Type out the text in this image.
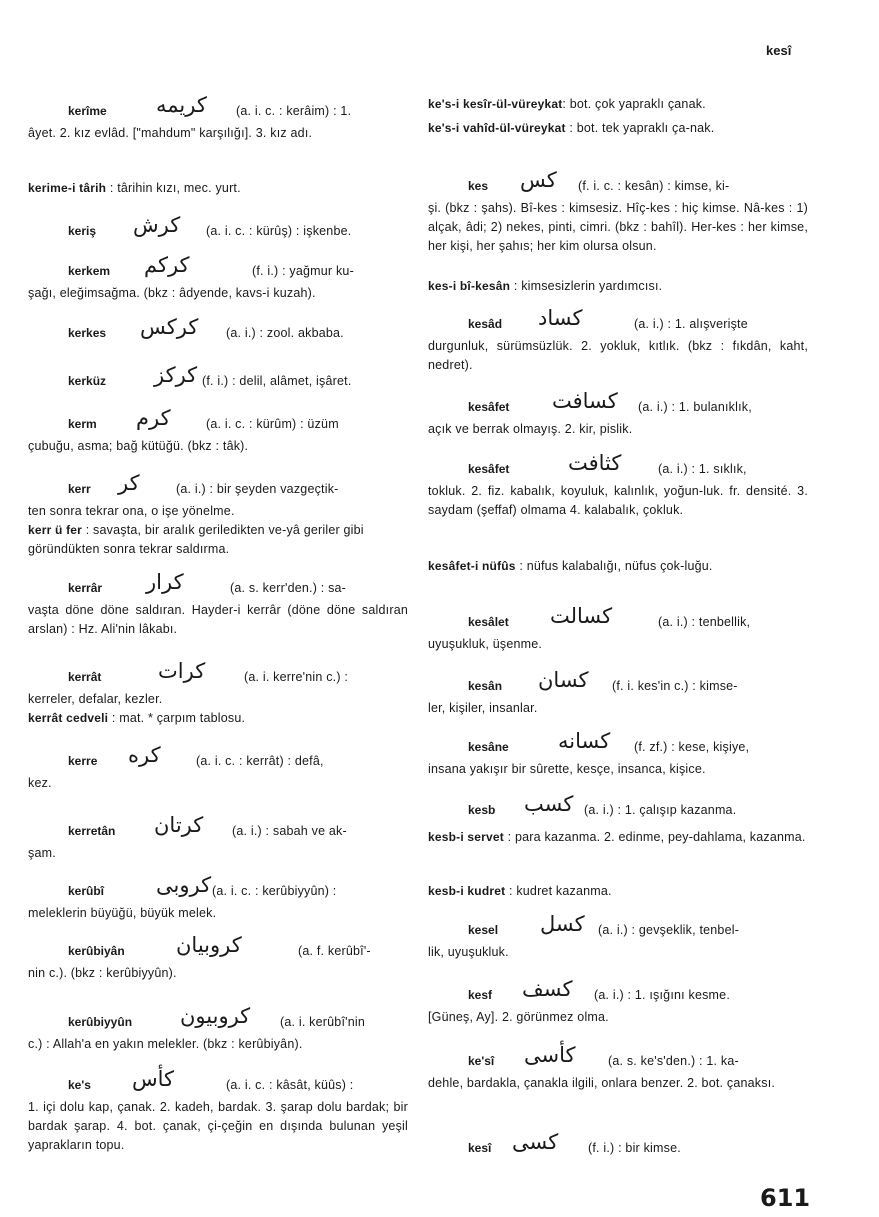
kesî
kerîme كريمه (a. i. c. : kerâim) : 1.
âyet. 2. kız evlâd. ["mahdum" karşılığı]. 3. kız adı.
kerime-i târih : târihin kızı, mec. yurt.
keriş كرش (a. i. c. : kürûş) : işkenbe.
kerkem كركم	(f. i.) : yağmur ku-
şağı, eleğimsağma. (bkz : âdyende, kavs-i kuzah).
kerkes كركس (a. i.) : zool. akbaba.
kerküz كركز (f. i.) : delil, alâmet, işâret.
kerm كرم	(a. i. c. : kürûm) : üzüm
çubuğu, asma; bağ kütüğü. (bkz : tâk).
kerr كر	(a. i.) : bir şeyden vazgeçtik-
ten sonra tekrar ona, o işe yönelme.
kerr ü fer : savaşta, bir aralık geriledikten ve-yâ geriler gibi göründükten sonra tekrar saldırma.
kerrâr كرار	(a. s. kerr'den.) : sa-
vaşta döne döne saldıran. Hayder-i kerrâr (döne döne saldıran arslan) : Hz. Ali'nin lâkabı.
kerrât	كرات	(a. i. kerre'nin c.) :
kerreler, defalar, kezler.
kerrât cedveli : mat. * çarpım tablosu.
kerre كره	(a. i. c. : kerrât) : defâ,
kez.
kerretân كرتان (a. i.) : sabah ve ak-
şam.
kerûbî كروبى (a. i. c. : kerûbiyyûn) :
meleklerin büyüğü, büyük melek.
kerûbiyân كروبيان	(a. f. kerûbî'-
nin c.). (bkz : kerûbiyyûn).
kerûbiyyûn كروبيون (a. i. kerûbî'nin
c.) : Allah'a en yakın melekler. (bkz : kerûbiyân).
ke's كأس	(a. i. c. : kâsât, küûs) :
1. içi dolu kap, çanak. 2. kadeh, bardak. 3. şarap dolu bardak; bir bardak şarap. 4. bot. çanak, çi-çeğin en dışında bulunan yeşil yaprakların topu.
ke's-i kesîr-ül-vüreykat: bot. çok yapraklı çanak.
ke's-i vahîd-ül-vüreykat : bot. tek yapraklı ça-nak.
kes كس (f. i. c. : kesân) : kimse, ki-
şi. (bkz : şahs). Bî-kes : kimsesiz. Hîç-kes : hiç kimse. Nâ-kes : 1) alçak, âdi; 2) nekes, pinti, cimri. (bkz : bahîl). Her-kes : her kimse, her kişi, her şahıs; her kim olursa olsun.
kes-i bî-kesân : kimsesizlerin yardımcısı.
kesâd كساد	(a. i.) : 1. alışverişte
durgunluk, sürümsüzlük. 2. yokluk, kıtlık. (bkz : fıkdân, kaht, nedret).
kesâfet كسافت (a. i.) : 1. bulanıklık,
açık ve berrak olmayış. 2. kir, pislik.
kesâfet	كثافت	(a. i.) : 1. sıklık,
tokluk. 2. fiz. kabalık, koyuluk, kalınlık, yoğun-luk. fr. densité. 3. saydam (şeffaf) olmama 4. kalabalık, çokluk.
kesâfet-i nüfûs : nüfus kalabalığı, nüfus çok-luğu.
kesâlet كسالت	(a. i.) : tenbellik,
uyuşukluk, üşenme.
kesân كسان (f. i. kes'in c.) : kimse-
ler, kişiler, insanlar.
kesâne كسانه (f. zf.) : kese, kişiye,
insana yakışır bir sûrette, kesçe, insanca, kişice.
kesb كسب (a. i.) : 1. çalışıp kazanma.
kesb-i servet : para kazanma. 2. edinme, pey-dahlama, kazanma.
kesb-i kudret : kudret kazanma.
kesel كسل (a. i.) : gevşeklik, tenbel-
lik, uyuşukluk.
kesf كسف (a. i.) : 1. ışığını kesme.
[Güneş, Ay]. 2. görünmez olma.
ke'sî كأسى	(a. s. ke's'den.) : 1. ka-
dehle, bardakla, çanakla ilgili, onlara benzer. 2. bot. çanaksı.
kesî كسى (f. i.) : bir kimse.
611
